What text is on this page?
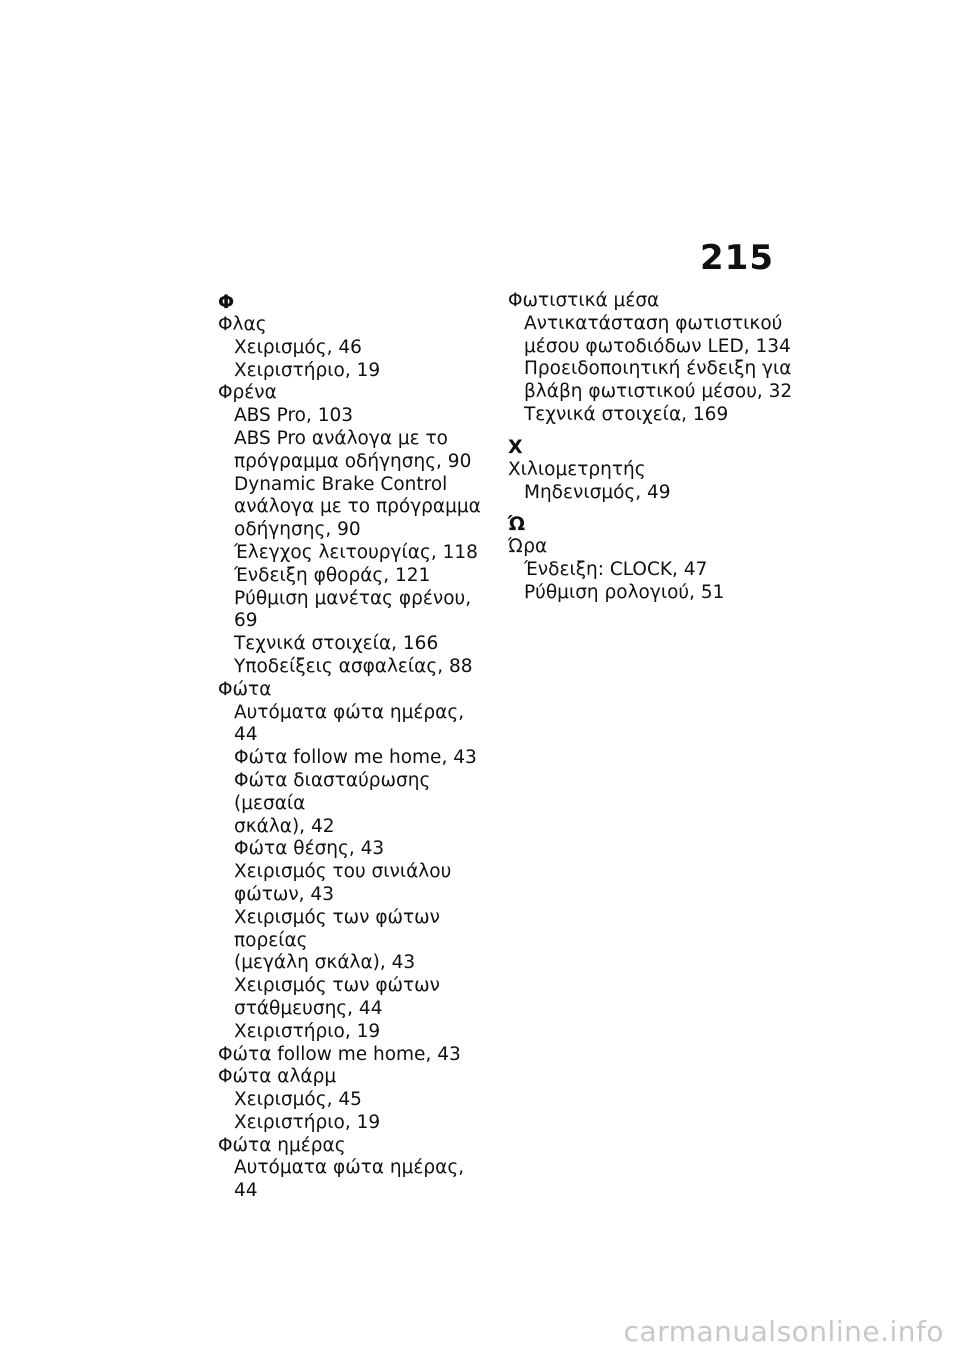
215
Φ
Φλας
Χειρισμός, 46
Χειριστήριο, 19
Φρένα
ABS Pro, 103
ABS Pro ανάλογα με το
πρόγραμμα οδήγησης, 90
Dynamic Brake Control
ανάλογα με το πρόγραμμα
οδήγησης, 90
Έλεγχος λειτουργίας, 118
Ένδειξη φθοράς, 121
Ρύθμιση μανέτας φρένου, 69
Τεχνικά στοιχεία, 166
Υποδείξεις ασφαλείας, 88
Φώτα
Αυτόματα φώτα ημέρας, 44
Φώτα follow me home, 43
Φώτα διασταύρωσης (μεσαία
σκάλα), 42
Φώτα θέσης, 43
Χειρισμός του σινιάλου
φώτων, 43
Χειρισμός των φώτων πορείας
(μεγάλη σκάλα), 43
Χειρισμός των φώτων
στάθμευσης, 44
Χειριστήριο, 19
Φώτα follow me home, 43
Φώτα αλάρμ
Χειρισμός, 45
Χειριστήριο, 19
Φώτα ημέρας
Αυτόματα φώτα ημέρας, 44
Φωτιστικά μέσα
Αντικατάσταση φωτιστικού
μέσου φωτοδιόδων LED, 134
Προειδοποιητική ένδειξη για
βλάβη φωτιστικού μέσου, 32
Τεχνικά στοιχεία, 169
Χ
Χιλιομετρητής
Μηδενισμός, 49
Ώ
Ώρα
Ένδειξη: CLOCK, 47
Ρύθμιση ρολογιού, 51
carmanualsonline.info
